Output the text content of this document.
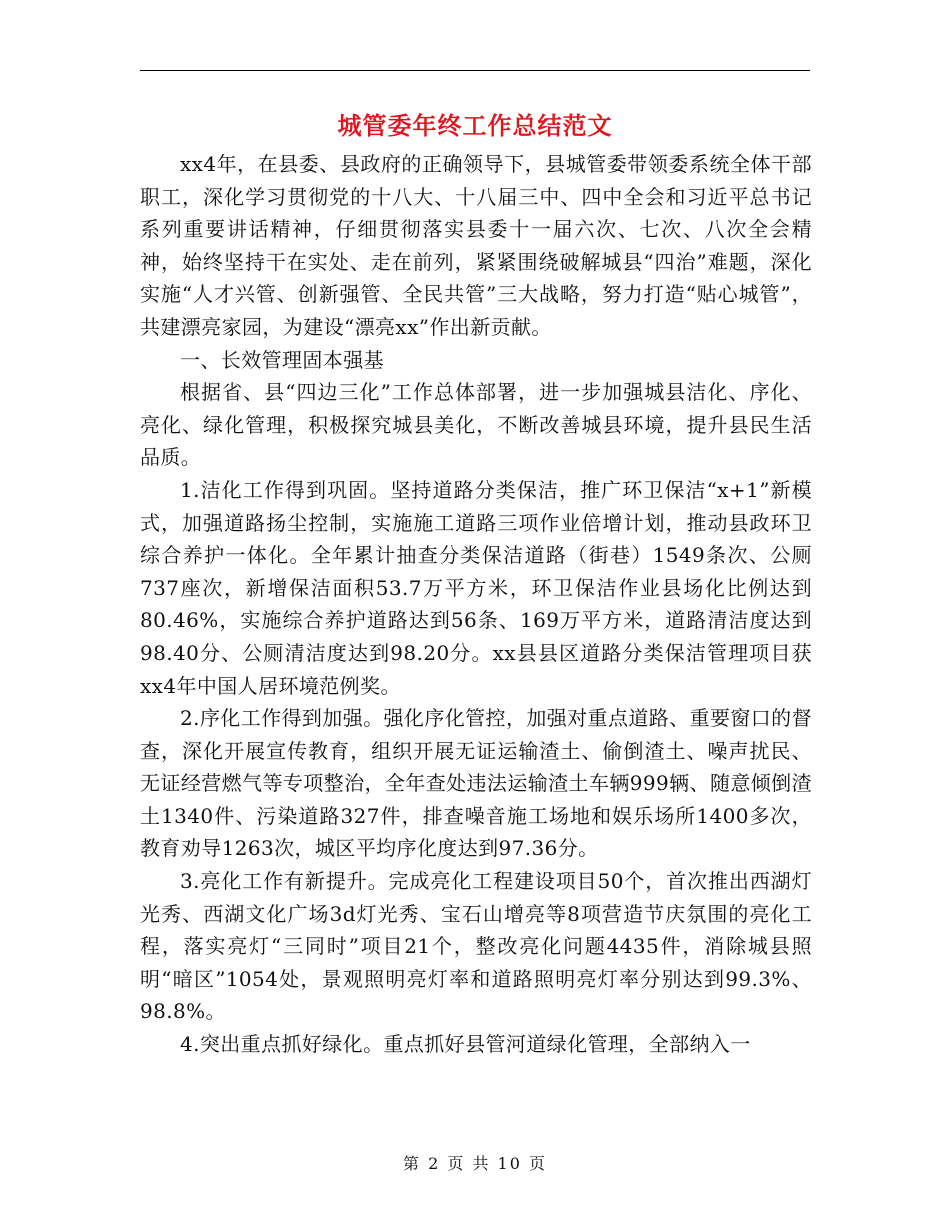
城管委年终工作总结范文

xx4年，在县委、县政府的正确领导下，县城管委带领委系统全体干部职工，深化学习贯彻党的十八大、十八届三中、四中全会和习近平总书记系列重要讲话精神，仔细贯彻落实县委十一届六次、七次、八次全会精神，始终坚持干在实处、走在前列，紧紧围绕破解城县“四治”难题，深化实施“人才兴管、创新强管、全民共管”三大战略，努力打造“贴心城管”，共建漂亮家园，为建设“漂亮xx”作出新贡献。

一、长效管理固本强基

根据省、县“四边三化”工作总体部署，进一步加强城县洁化、序化、亮化、绿化管理，积极探究城县美化，不断改善城县环境，提升县民生活品质。

1.洁化工作得到巩固。坚持道路分类保洁，推广环卫保洁“x+1”新模式，加强道路扬尘控制，实施施工道路三项作业倍增计划，推动县政环卫综合养护一体化。全年累计抽查分类保洁道路（街巷）1549条次、公厕737座次，新增保洁面积53.7万平方米，环卫保洁作业县场化比例达到80.46%，实施综合养护道路达到56条、169万平方米，道路清洁度达到98.40分、公厕清洁度达到98.20分。xx县县区道路分类保洁管理项目获xx4年中国人居环境范例奖。

2.序化工作得到加强。强化序化管控，加强对重点道路、重要窗口的督查，深化开展宣传教育，组织开展无证运输渣土、偷倒渣土、噪声扰民、无证经营燃气等专项整治，全年查处违法运输渣土车辆999辆、随意倾倒渣土1340件、污染道路327件，排查噪音施工场地和娱乐场所1400多次，教育劝导1263次，城区平均序化度达到97.36分。

3.亮化工作有新提升。完成亮化工程建设项目50个，首次推出西湖灯光秀、西湖文化广场3d灯光秀、宝石山增亮等8项营造节庆氛围的亮化工程，落实亮灯“三同时”项目21个，整改亮化问题4435件，消除城县照明“暗区”1054处，景观照明亮灯率和道路照明亮灯率分别达到99.3%、98.8%。

4.突出重点抓好绿化。重点抓好县管河道绿化管理，全部纳入一

第 2 页 共 10 页
